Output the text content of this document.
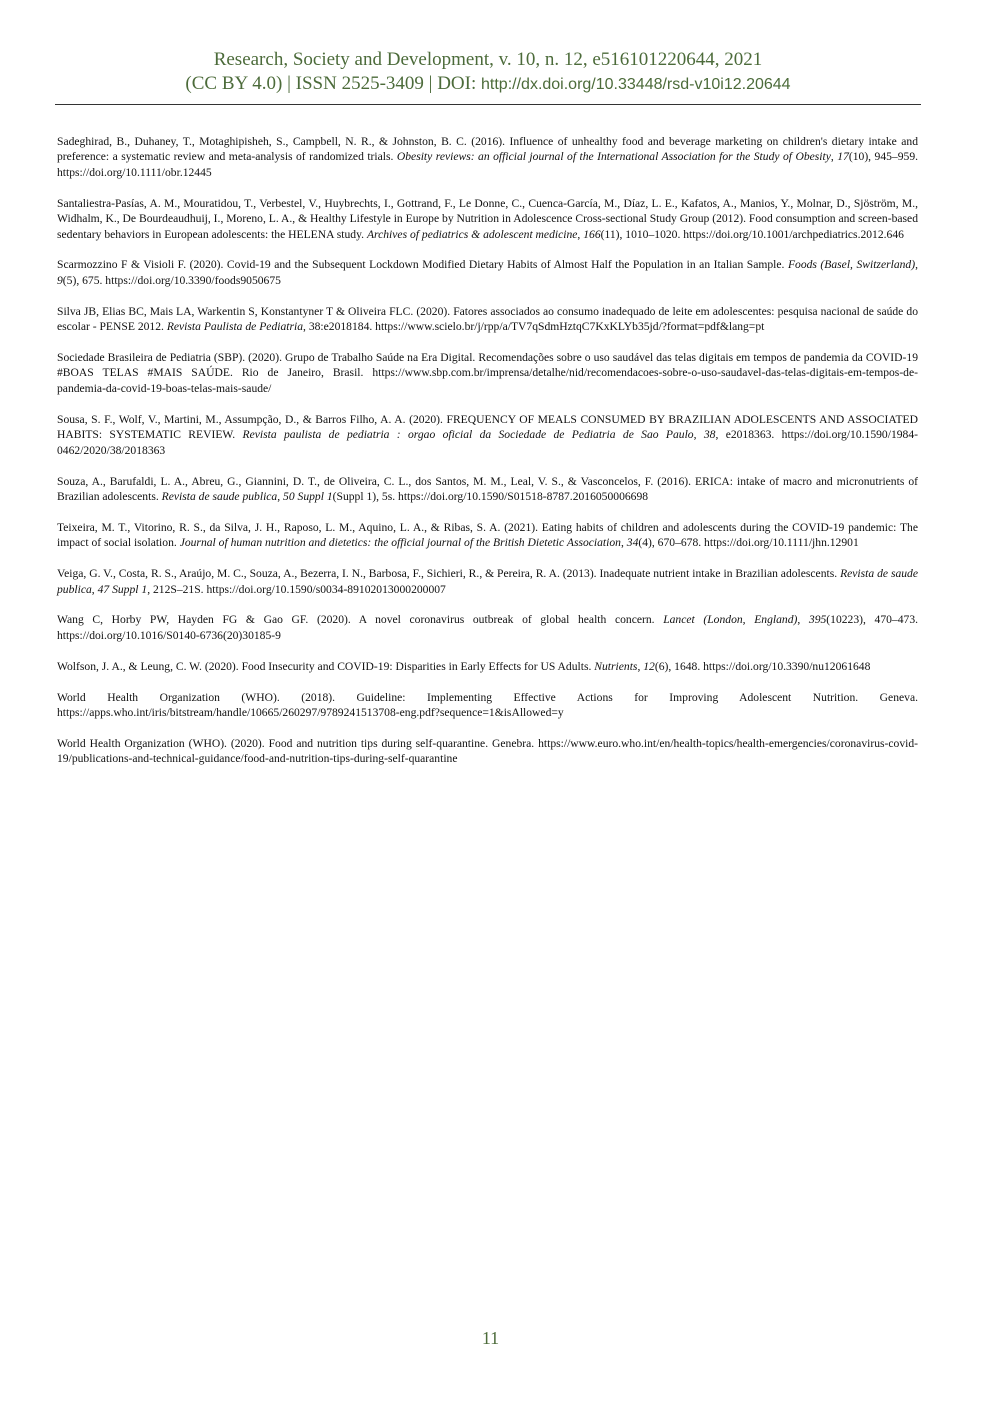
Research, Society and Development, v. 10, n. 12, e516101220644, 2021
(CC BY 4.0) | ISSN 2525-3409 | DOI: http://dx.doi.org/10.33448/rsd-v10i12.20644

Sadeghirad, B., Duhaney, T., Motaghipisheh, S., Campbell, N. R., & Johnston, B. C. (2016). Influence of unhealthy food and beverage marketing on children's dietary intake and preference: a systematic review and meta-analysis of randomized trials. Obesity reviews: an official journal of the International Association for the Study of Obesity, 17(10), 945–959. https://doi.org/10.1111/obr.12445

Santaliestra-Pasías, A. M., Mouratidou, T., Verbestel, V., Huybrechts, I., Gottrand, F., Le Donne, C., Cuenca-García, M., Díaz, L. E., Kafatos, A., Manios, Y., Molnar, D., Sjöström, M., Widhalm, K., De Bourdeaudhuij, I., Moreno, L. A., & Healthy Lifestyle in Europe by Nutrition in Adolescence Cross-sectional Study Group (2012). Food consumption and screen-based sedentary behaviors in European adolescents: the HELENA study. Archives of pediatrics & adolescent medicine, 166(11), 1010–1020. https://doi.org/10.1001/archpediatrics.2012.646

Scarmozzino F & Visioli F. (2020). Covid-19 and the Subsequent Lockdown Modified Dietary Habits of Almost Half the Population in an Italian Sample. Foods (Basel, Switzerland), 9(5), 675. https://doi.org/10.3390/foods9050675

Silva JB, Elias BC, Mais LA, Warkentin S, Konstantyner T & Oliveira FLC. (2020). Fatores associados ao consumo inadequado de leite em adolescentes: pesquisa nacional de saúde do escolar - PENSE 2012. Revista Paulista de Pediatria, 38:e2018184. https://www.scielo.br/j/rpp/a/TV7qSdmHztqC7KxKLYb35jd/?format=pdf&lang=pt

Sociedade Brasileira de Pediatria (SBP). (2020). Grupo de Trabalho Saúde na Era Digital. Recomendações sobre o uso saudável das telas digitais em tempos de pandemia da COVID-19 #BOAS TELAS #MAIS SAÚDE. Rio de Janeiro, Brasil. https://www.sbp.com.br/imprensa/detalhe/nid/recomendacoes-sobre-o-uso-saudavel-das-telas-digitais-em-tempos-de-pandemia-da-covid-19-boas-telas-mais-saude/

Sousa, S. F., Wolf, V., Martini, M., Assumpção, D., & Barros Filho, A. A. (2020). FREQUENCY OF MEALS CONSUMED BY BRAZILIAN ADOLESCENTS AND ASSOCIATED HABITS: SYSTEMATIC REVIEW. Revista paulista de pediatria : orgao oficial da Sociedade de Pediatria de Sao Paulo, 38, e2018363. https://doi.org/10.1590/1984-0462/2020/38/2018363

Souza, A., Barufaldi, L. A., Abreu, G., Giannini, D. T., de Oliveira, C. L., dos Santos, M. M., Leal, V. S., & Vasconcelos, F. (2016). ERICA: intake of macro and micronutrients of Brazilian adolescents. Revista de saude publica, 50 Suppl 1(Suppl 1), 5s. https://doi.org/10.1590/S01518-8787.2016050006698

Teixeira, M. T., Vitorino, R. S., da Silva, J. H., Raposo, L. M., Aquino, L. A., & Ribas, S. A. (2021). Eating habits of children and adolescents during the COVID-19 pandemic: The impact of social isolation. Journal of human nutrition and dietetics: the official journal of the British Dietetic Association, 34(4), 670–678. https://doi.org/10.1111/jhn.12901

Veiga, G. V., Costa, R. S., Araújo, M. C., Souza, A., Bezerra, I. N., Barbosa, F., Sichieri, R., & Pereira, R. A. (2013). Inadequate nutrient intake in Brazilian adolescents. Revista de saude publica, 47 Suppl 1, 212S–21S. https://doi.org/10.1590/s0034-89102013000200007

Wang C, Horby PW, Hayden FG & Gao GF. (2020). A novel coronavirus outbreak of global health concern. Lancet (London, England), 395(10223), 470–473. https://doi.org/10.1016/S0140-6736(20)30185-9

Wolfson, J. A., & Leung, C. W. (2020). Food Insecurity and COVID-19: Disparities in Early Effects for US Adults. Nutrients, 12(6), 1648. https://doi.org/10.3390/nu12061648

World Health Organization (WHO). (2018). Guideline: Implementing Effective Actions for Improving Adolescent Nutrition. Geneva. https://apps.who.int/iris/bitstream/handle/10665/260297/9789241513708-eng.pdf?sequence=1&isAllowed=y

World Health Organization (WHO). (2020). Food and nutrition tips during self-quarantine. Genebra. https://www.euro.who.int/en/health-topics/health-emergencies/coronavirus-covid-19/publications-and-technical-guidance/food-and-nutrition-tips-during-self-quarantine

11
